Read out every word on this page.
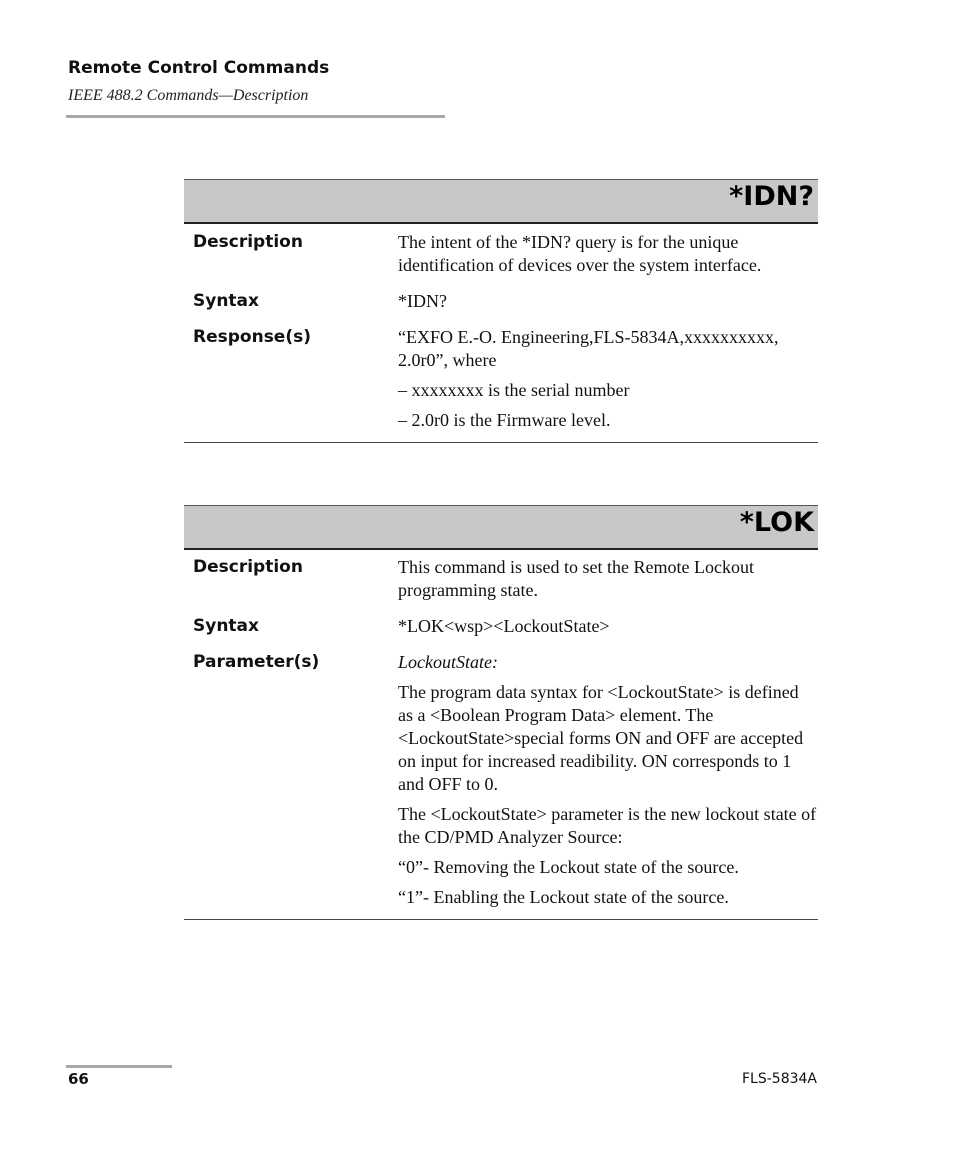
Remote Control Commands
IEEE 488.2 Commands—Description
*IDN?
Description	The intent of the *IDN? query is for the unique identification of devices over the system interface.

Syntax	*IDN?

Response(s)	“EXFO E.-O. Engineering,FLS-5834A,xxxxxxxxxx, 2.0r0”, where

– xxxxxxxx is the serial number

– 2.0r0 is the Firmware level.

*LOK
Description	This command is used to set the Remote Lockout programming state.

Syntax	*LOK<wsp><LockoutState>

Parameter(s)	LockoutState:

The program data syntax for <LockoutState> is defined as a <Boolean Program Data> element. The <LockoutState>special forms ON and OFF are accepted on input for increased readibility. ON corresponds to 1 and OFF to 0.

The <LockoutState> parameter is the new lockout state of the CD/PMD Analyzer Source:

“0”- Removing the Lockout state of the source.

“1”- Enabling the Lockout state of the source.

66	FLS-5834A
